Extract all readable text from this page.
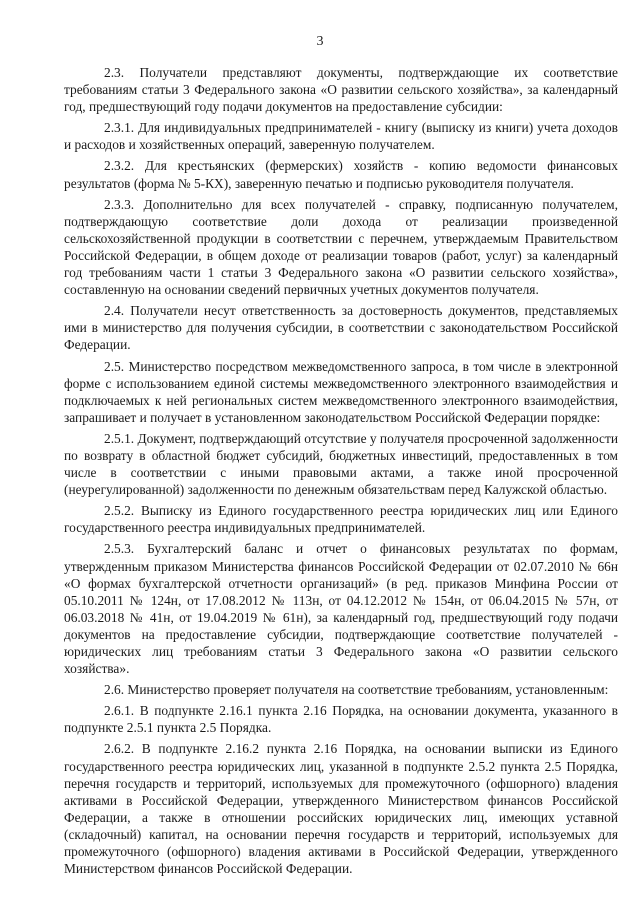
3

2.3. Получатели представляют документы, подтверждающие их соответствие требованиям статьи 3 Федерального закона «О развитии сельского хозяйства», за календарный год, предшествующий году подачи документов на предоставление субсидии:

2.3.1. Для индивидуальных предпринимателей - книгу (выписку из книги) учета доходов и расходов и хозяйственных операций, заверенную получателем.

2.3.2. Для крестьянских (фермерских) хозяйств - копию ведомости финансовых результатов (форма № 5-КХ), заверенную печатью и подписью руководителя получателя.

2.3.3. Дополнительно для всех получателей - справку, подписанную получателем, подтверждающую соответствие доли дохода от реализации произведенной сельскохозяйственной продукции в соответствии с перечнем, утверждаемым Правительством Российской Федерации, в общем доходе от реализации товаров (работ, услуг) за календарный год требованиям части 1 статьи 3 Федерального закона «О развитии сельского хозяйства», составленную на основании сведений первичных учетных документов получателя.

2.4. Получатели несут ответственность за достоверность документов, представляемых ими в министерство для получения субсидии, в соответствии с законодательством Российской Федерации.

2.5. Министерство посредством межведомственного запроса, в том числе в электронной форме с использованием единой системы межведомственного электронного взаимодействия и подключаемых к ней региональных систем межведомственного электронного взаимодействия, запрашивает и получает в установленном законодательством Российской Федерации порядке:

2.5.1. Документ, подтверждающий отсутствие у получателя просроченной задолженности по возврату в областной бюджет субсидий, бюджетных инвестиций, предоставленных в том числе в соответствии с иными правовыми актами, а также иной просроченной (неурегулированной) задолженности по денежным обязательствам перед Калужской областью.

2.5.2. Выписку из Единого государственного реестра юридических лиц или Единого государственного реестра индивидуальных предпринимателей.

2.5.3. Бухгалтерский баланс и отчет о финансовых результатах по формам, утвержденным приказом Министерства финансов Российской Федерации от 02.07.2010 № 66н «О формах бухгалтерской отчетности организаций» (в ред. приказов Минфина России от 05.10.2011 № 124н, от 17.08.2012 № 113н, от 04.12.2012 № 154н, от 06.04.2015 № 57н, от 06.03.2018 № 41н, от 19.04.2019 № 61н), за календарный год, предшествующий году подачи документов на предоставление субсидии, подтверждающие соответствие получателей - юридических лиц требованиям статьи 3 Федерального закона «О развитии сельского хозяйства».

2.6. Министерство проверяет получателя на соответствие требованиям, установленным:

2.6.1. В подпункте 2.16.1 пункта 2.16 Порядка, на основании документа, указанного в подпункте 2.5.1 пункта 2.5 Порядка.

2.6.2. В подпункте 2.16.2 пункта 2.16 Порядка, на основании выписки из Единого государственного реестра юридических лиц, указанной в подпункте 2.5.2 пункта 2.5 Порядка, перечня государств и территорий, используемых для промежуточного (офшорного) владения активами в Российской Федерации, утвержденного Министерством финансов Российской Федерации, а также в отношении российских юридических лиц, имеющих уставной (складочный) капитал, на основании перечня государств и территорий, используемых для промежуточного (офшорного) владения активами в Российской Федерации, утвержденного Министерством финансов Российской Федерации.
